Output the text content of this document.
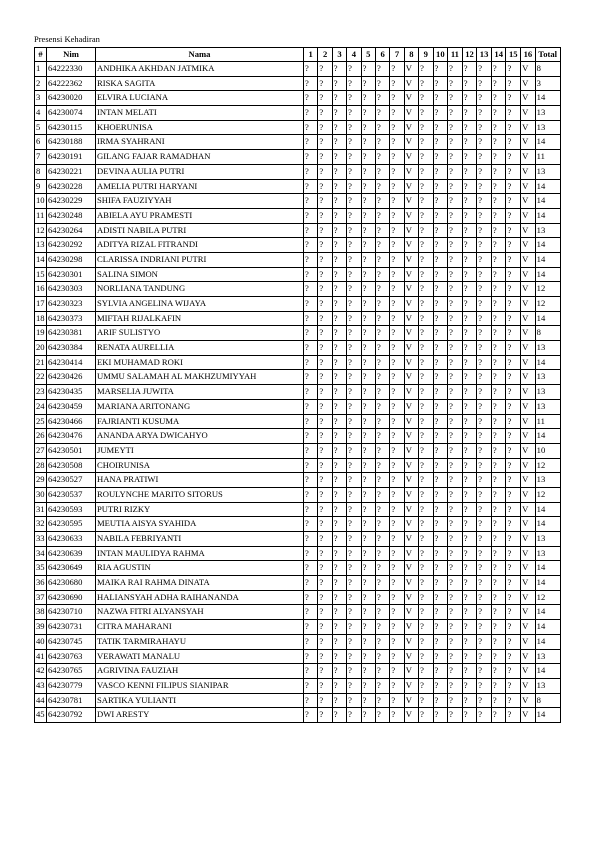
Presensi Kehadiran
#	Nim	Nama	1	2	3	4	5	6	7	8	9	10	11	12	13	14	15	16	Total
1	64222330	ANDHIKA AKHDAN JATMIKA	?	?	?	?	?	?	?	V	?	?	?	?	?	?	?	V	8
2	64222362	RISKA SAGITA	?	?	?	?	?	?	?	V	?	?	?	?	?	?	?	V	3
3	64230020	ELVIRA LUCIANA	?	?	?	?	?	?	?	V	?	?	?	?	?	?	?	V	14
4	64230074	INTAN MELATI	?	?	?	?	?	?	?	V	?	?	?	?	?	?	?	V	13
5	64230115	KHOERUNISA	?	?	?	?	?	?	?	V	?	?	?	?	?	?	?	V	13
6	64230188	IRMA SYAHRANI	?	?	?	?	?	?	?	V	?	?	?	?	?	?	?	V	14
7	64230191	GILANG FAJAR RAMADHAN	?	?	?	?	?	?	?	V	?	?	?	?	?	?	?	V	11
8	64230221	DEVINA AULIA PUTRI	?	?	?	?	?	?	?	V	?	?	?	?	?	?	?	V	13
9	64230228	AMELIA PUTRI HARYANI	?	?	?	?	?	?	?	V	?	?	?	?	?	?	?	V	14
10	64230229	SHIFA FAUZIYYAH	?	?	?	?	?	?	?	V	?	?	?	?	?	?	?	V	14
11	64230248	ABIELA AYU PRAMESTI	?	?	?	?	?	?	?	V	?	?	?	?	?	?	?	V	14
12	64230264	ADISTI NABILA PUTRI	?	?	?	?	?	?	?	V	?	?	?	?	?	?	?	V	13
13	64230292	ADITYA RIZAL FITRANDI	?	?	?	?	?	?	?	V	?	?	?	?	?	?	?	V	14
14	64230298	CLARISSA INDRIANI PUTRI	?	?	?	?	?	?	?	V	?	?	?	?	?	?	?	V	14
15	64230301	SALINA SIMON	?	?	?	?	?	?	?	V	?	?	?	?	?	?	?	V	14
16	64230303	NORLIANA TANDUNG	?	?	?	?	?	?	?	V	?	?	?	?	?	?	?	V	12
17	64230323	SYLVIA ANGELINA WIJAYA	?	?	?	?	?	?	?	V	?	?	?	?	?	?	?	V	12
18	64230373	MIFTAH RIJALKAFIN	?	?	?	?	?	?	?	V	?	?	?	?	?	?	?	V	14
19	64230381	ARIF SULISTYO	?	?	?	?	?	?	?	V	?	?	?	?	?	?	?	V	8
20	64230384	RENATA AURELLIA	?	?	?	?	?	?	?	V	?	?	?	?	?	?	?	V	13
21	64230414	EKI MUHAMAD ROKI	?	?	?	?	?	?	?	V	?	?	?	?	?	?	?	V	14
22	64230426	UMMU SALAMAH AL MAKHZUMIYYAH	?	?	?	?	?	?	?	V	?	?	?	?	?	?	?	V	13
23	64230435	MARSELIA JUWITA	?	?	?	?	?	?	?	V	?	?	?	?	?	?	?	V	13
24	64230459	MARIANA ARITONANG	?	?	?	?	?	?	?	V	?	?	?	?	?	?	?	V	13
25	64230466	FAJRIANTI KUSUMA	?	?	?	?	?	?	?	V	?	?	?	?	?	?	?	V	11
26	64230476	ANANDA ARYA DWICAHYO	?	?	?	?	?	?	?	V	?	?	?	?	?	?	?	V	14
27	64230501	JUMEYTI	?	?	?	?	?	?	?	V	?	?	?	?	?	?	?	V	10
28	64230508	CHOIRUNISA	?	?	?	?	?	?	?	V	?	?	?	?	?	?	?	V	12
29	64230527	HANA PRATIWI	?	?	?	?	?	?	?	V	?	?	?	?	?	?	?	V	13
30	64230537	ROULYNCHE MARITO SITORUS	?	?	?	?	?	?	?	V	?	?	?	?	?	?	?	V	12
31	64230593	PUTRI RIZKY	?	?	?	?	?	?	?	V	?	?	?	?	?	?	?	V	14
32	64230595	MEUTIA AISYA SYAHIDA	?	?	?	?	?	?	?	V	?	?	?	?	?	?	?	V	14
33	64230633	NABILA FEBRIYANTI	?	?	?	?	?	?	?	V	?	?	?	?	?	?	?	V	13
34	64230639	INTAN MAULIDYA RAHMA	?	?	?	?	?	?	?	V	?	?	?	?	?	?	?	V	13
35	64230649	RIA AGUSTIN	?	?	?	?	?	?	?	V	?	?	?	?	?	?	?	V	14
36	64230680	MAIKA RAI RAHMA DINATA	?	?	?	?	?	?	?	V	?	?	?	?	?	?	?	V	14
37	64230690	HALIANSYAH ADHA RAIHANANDA	?	?	?	?	?	?	?	V	?	?	?	?	?	?	?	V	12
38	64230710	NAZWA FITRI ALYANSYAH	?	?	?	?	?	?	?	V	?	?	?	?	?	?	?	V	14
39	64230731	CITRA MAHARANI	?	?	?	?	?	?	?	V	?	?	?	?	?	?	?	V	14
40	64230745	TATIK TARMIRAHAYU	?	?	?	?	?	?	?	V	?	?	?	?	?	?	?	V	14
41	64230763	VERAWATI MANALU	?	?	?	?	?	?	?	V	?	?	?	?	?	?	?	V	13
42	64230765	AGRIVINA FAUZIAH	?	?	?	?	?	?	?	V	?	?	?	?	?	?	?	V	14
43	64230779	VASCO KENNI FILIPUS SIANIPAR	?	?	?	?	?	?	?	V	?	?	?	?	?	?	?	V	13
44	64230781	SARTIKA YULIANTI	?	?	?	?	?	?	?	V	?	?	?	?	?	?	?	V	8
45	64230792	DWI ARESTY	?	?	?	?	?	?	?	V	?	?	?	?	?	?	?	V	14
